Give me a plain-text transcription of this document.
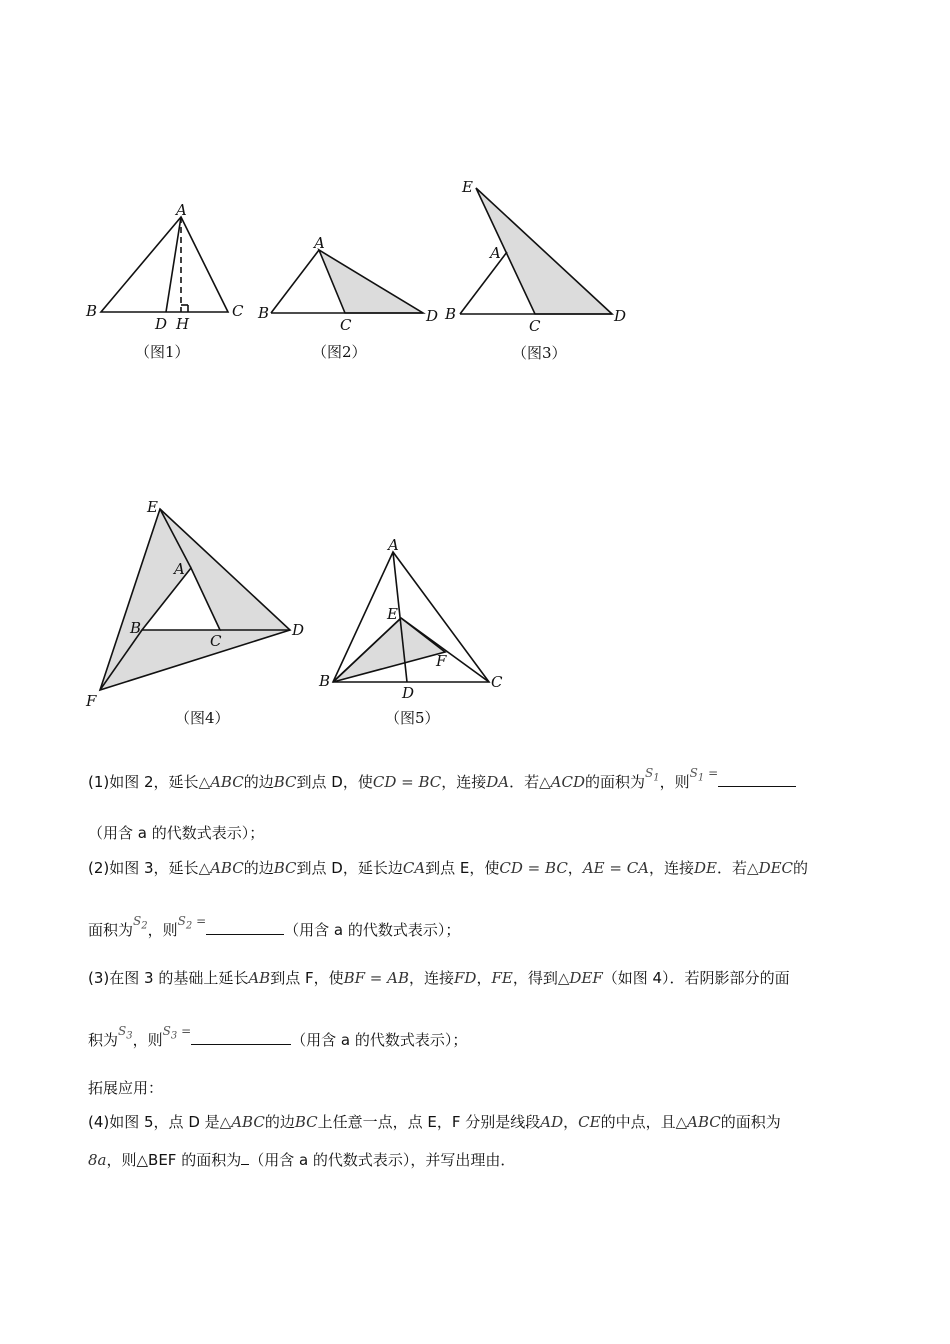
A
B	C
D H
（图1）
A
B
C	D
（图2）
E
A
B
C
D
（图3）
E
A
B
C
D
F
（图4）
A
E
F
B
D
C
（图5）
(1)如图 2，延长△ABC的边BC到点 D，使CD = BC，连接DA．若△ACD的面积为$^{S_1}$，则$^{S_1 =}$
（用含 a 的代数式表示）；
(2)如图 3，延长△ABC的边BC到点 D，延长边CA到点 E，使CD = BC，AE = CA，连接DE．若△DEC的
面积为$^{S_2}$，则$^{S_2 =}$	（用含 a 的代数式表示）；
(3)在图 3 的基础上延长AB到点 F，使BF = AB，连接FD，FE，得到△DEF（如图 4）．若阴影部分的面
积为$^{S_3}$，则$^{S_3 =}$	（用含 a 的代数式表示）；
拓展应用：
(4)如图 5，点 D 是△ABC的边BC上任意一点，点 E，F 分别是线段AD，CE的中点，且△ABC的面积为
8a，则△BEF 的面积为 （用含 a 的代数式表示），并写出理由．
